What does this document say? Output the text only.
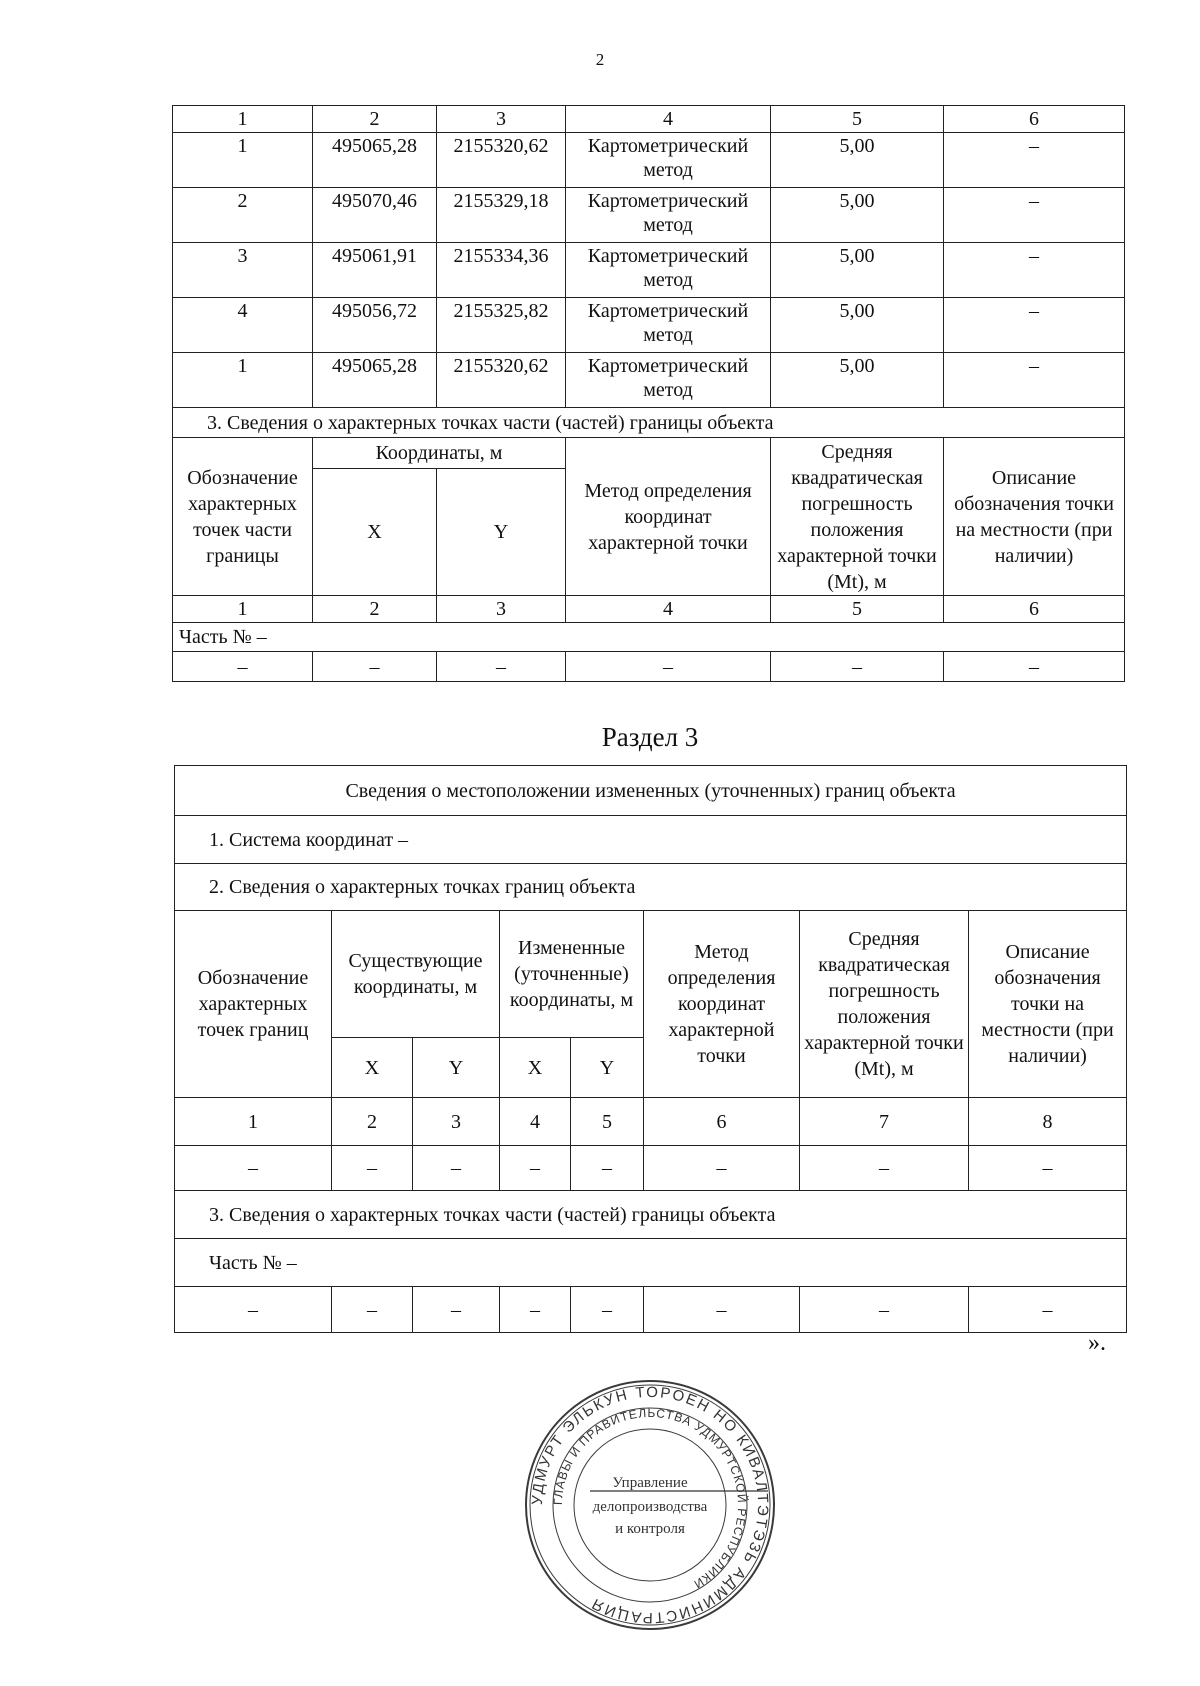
2
1	2	3	4	5	6
1	495065,28	2155320,62	Картометрический метод	5,00	–
2	495070,46	2155329,18	Картометрический метод	5,00	–
3	495061,91	2155334,36	Картометрический метод	5,00	–
4	495056,72	2155325,82	Картометрический метод	5,00	–
1	495065,28	2155320,62	Картометрический метод	5,00	–
3. Сведения о характерных точках части (частей) границы объекта					
Обозначение характерных точек части границы	Координаты, м		Метод определения координат характерной точки	Средняя квадратическая погрешность положения характерной точки (Mt), м	Описание обозначения точки на местности (при наличии)
	X	Y			
1	2	3	4	5	6
Часть № –					
–	–	–	–	–	–
Раздел 3
Сведения о местоположении измененных (уточненных) границ объекта							
1. Система координат –							
2. Сведения о характерных точках границ объекта							
Обозначение характерных точек границ	Существующие координаты, м		Измененные (уточненные) координаты, м		Метод определения координат характерной точки	Средняя квадратическая погрешность положения характерной точки (Mt), м	Описание обозначения точки на местности (при наличии)
	X	Y	X	Y			
1	2	3	4	5	6	7	8
–	–	–	–	–	–	–	–
3. Сведения о характерных точках части (частей) границы объекта							
Часть № –							
–	–	–	–	–	–	–	–
».
УДМУРТ ЭЛЬКУН ТОРОЕН НО КИВАЛТЭТЭЗЬ АДМИНИСТРАЦИЯ
ГЛАВЫ И ПРАВИТЕЛЬСТВА УДМУРТСКОЙ РЕСПУБЛИКИ
Управление
делопроизводства
и контроля
